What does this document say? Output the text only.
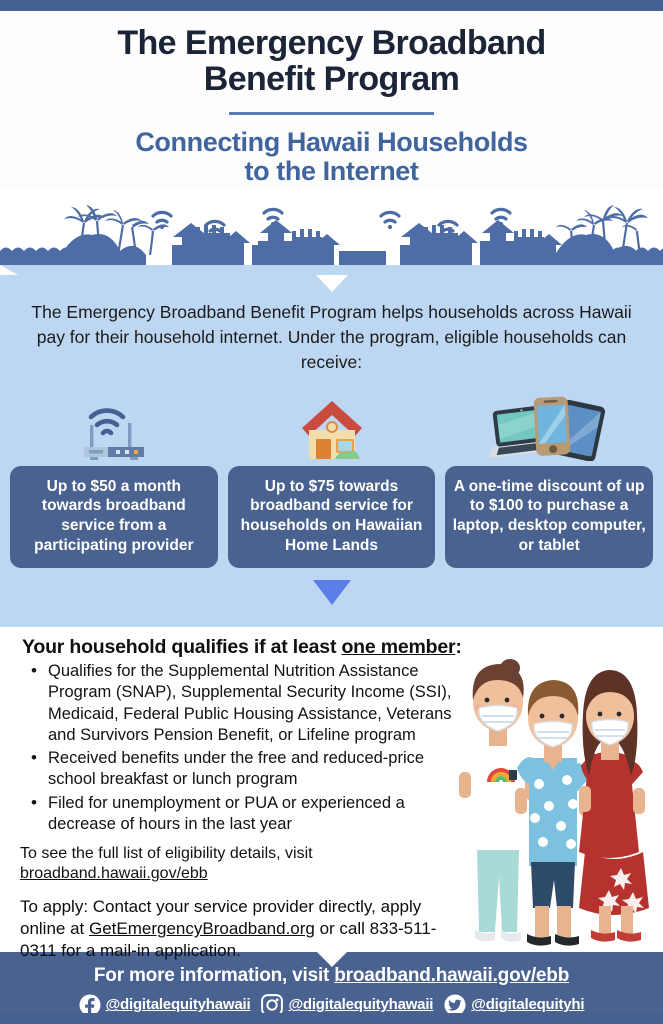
The Emergency Broadband
Benefit Program
Connecting Hawaii Households
to the Internet
The Emergency Broadband Benefit Program helps households across Hawaii pay for their household internet. Under the program, eligible households can receive:
Up to $50 a month towards broadband service from a participating provider
Up to $75 towards broadband service for households on Hawaiian Home Lands
A one-time discount of up to $100 to purchase a laptop, desktop computer, or tablet
Your household qualifies if at least one member:
• Qualifies for the Supplemental Nutrition Assistance Program (SNAP), Supplemental Security Income (SSI), Medicaid, Federal Public Housing Assistance, Veterans and Survivors Pension Benefit, or Lifeline program
• Received benefits under the free and reduced-price school breakfast or lunch program
• Filed for unemployment or PUA or experienced a decrease of hours in the last year
To see the full list of eligibility details, visit
broadband.hawaii.gov/ebb
To apply: Contact your service provider directly, apply online at GetEmergencyBroadband.org or call 833-511-0311 for a mail-in application.
For more information, visit broadband.hawaii.gov/ebb
@digitalequityhawaii	@digitalequityhawaii	@digitalequityhi
